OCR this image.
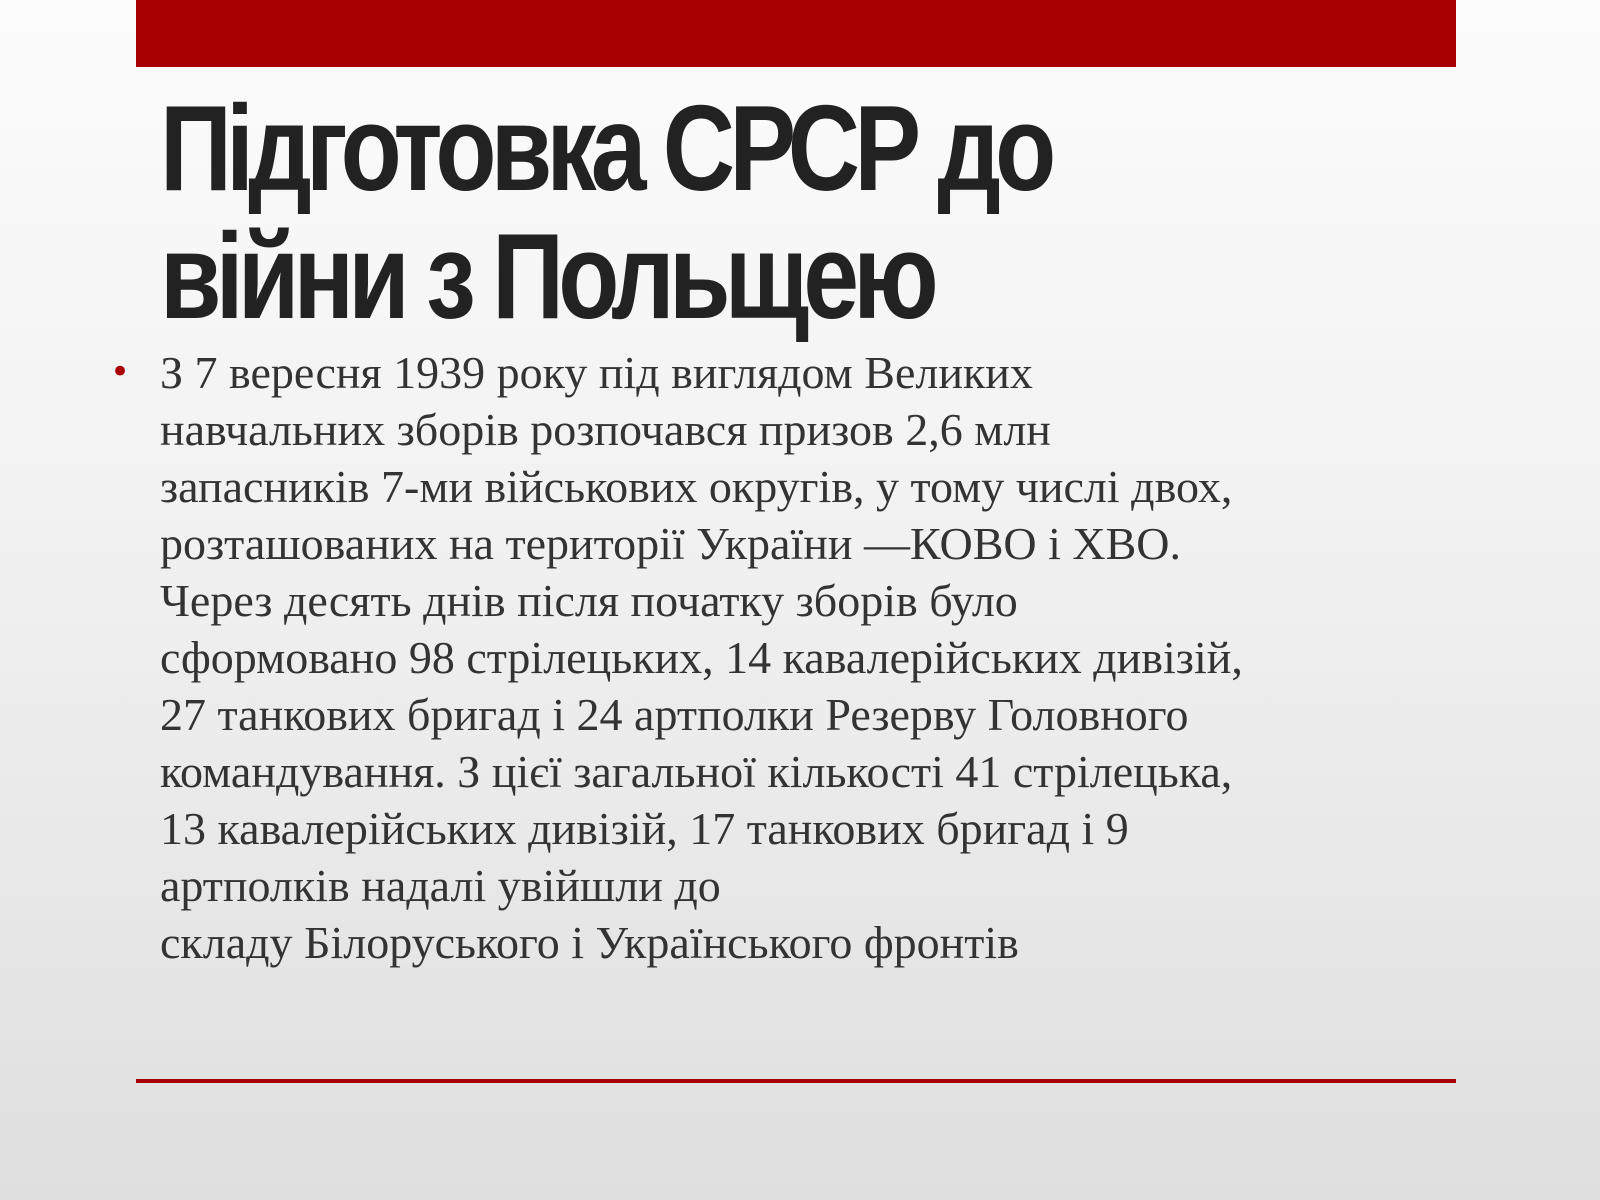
Підготовка СРСР до
війни з Польщею
• З 7 вересня 1939 року під виглядом Великих
навчальних зборів розпочався призов 2,6 млн
запасників 7-ми військових округів, у тому числі двох,
розташованих на території України —КОВО і ХВО.
Через десять днів після початку зборів було
сформовано 98 стрілецьких, 14 кавалерійських дивізій,
27 танкових бригад і 24 артполки Резерву Головного
командування. З цієї загальної кількості 41 стрілецька,
13 кавалерійських дивізій, 17 танкових бригад і 9
артполків надалі увійшли до
складу Білоруського і Українського фронтів
